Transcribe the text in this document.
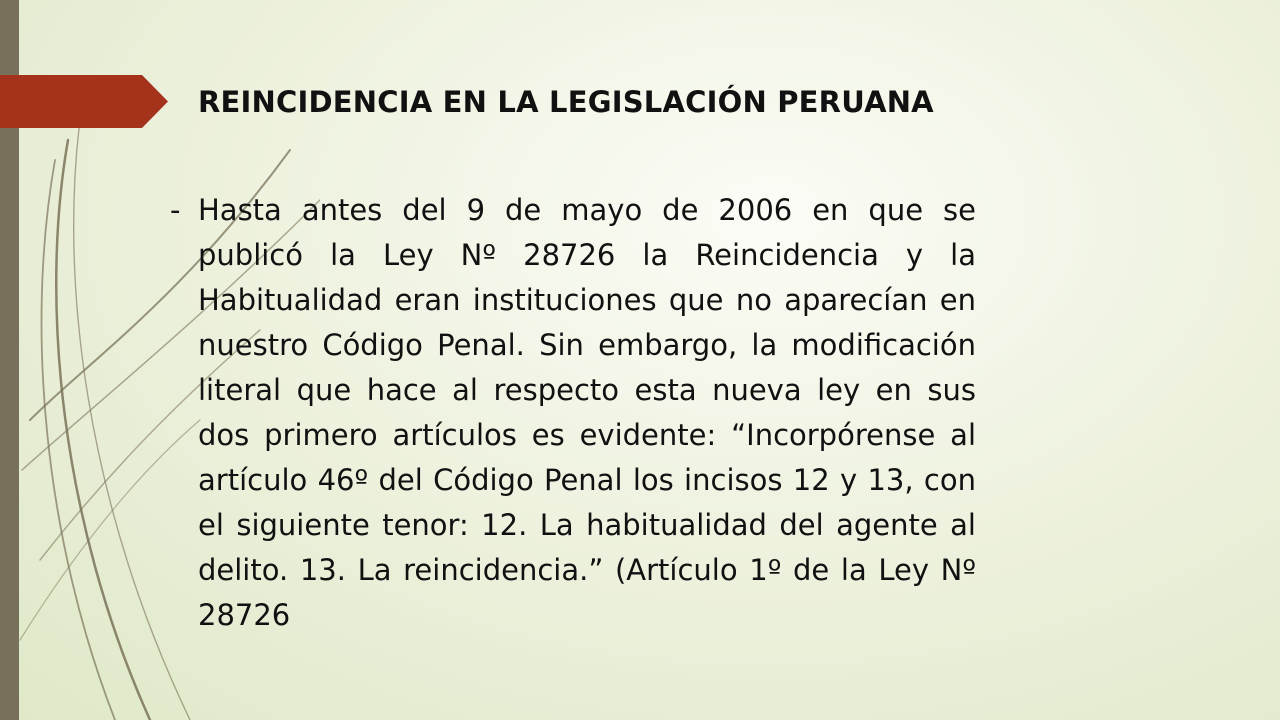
REINCIDENCIA EN LA LEGISLACIÓN PERUANA
- Hasta antes del 9 de mayo de 2006 en que se publicó la Ley Nº 28726 la Reincidencia y la Habitualidad eran instituciones que no aparecían en nuestro Código Penal. Sin embargo, la modificación literal que hace al respecto esta nueva ley en sus dos primero artículos es evidente: “Incorpórense al artículo 46º del Código Penal los incisos 12 y 13, con el siguiente tenor: 12. La habitualidad del agente al delito. 13. La reincidencia.” (Artículo 1º de la Ley Nº 28726
